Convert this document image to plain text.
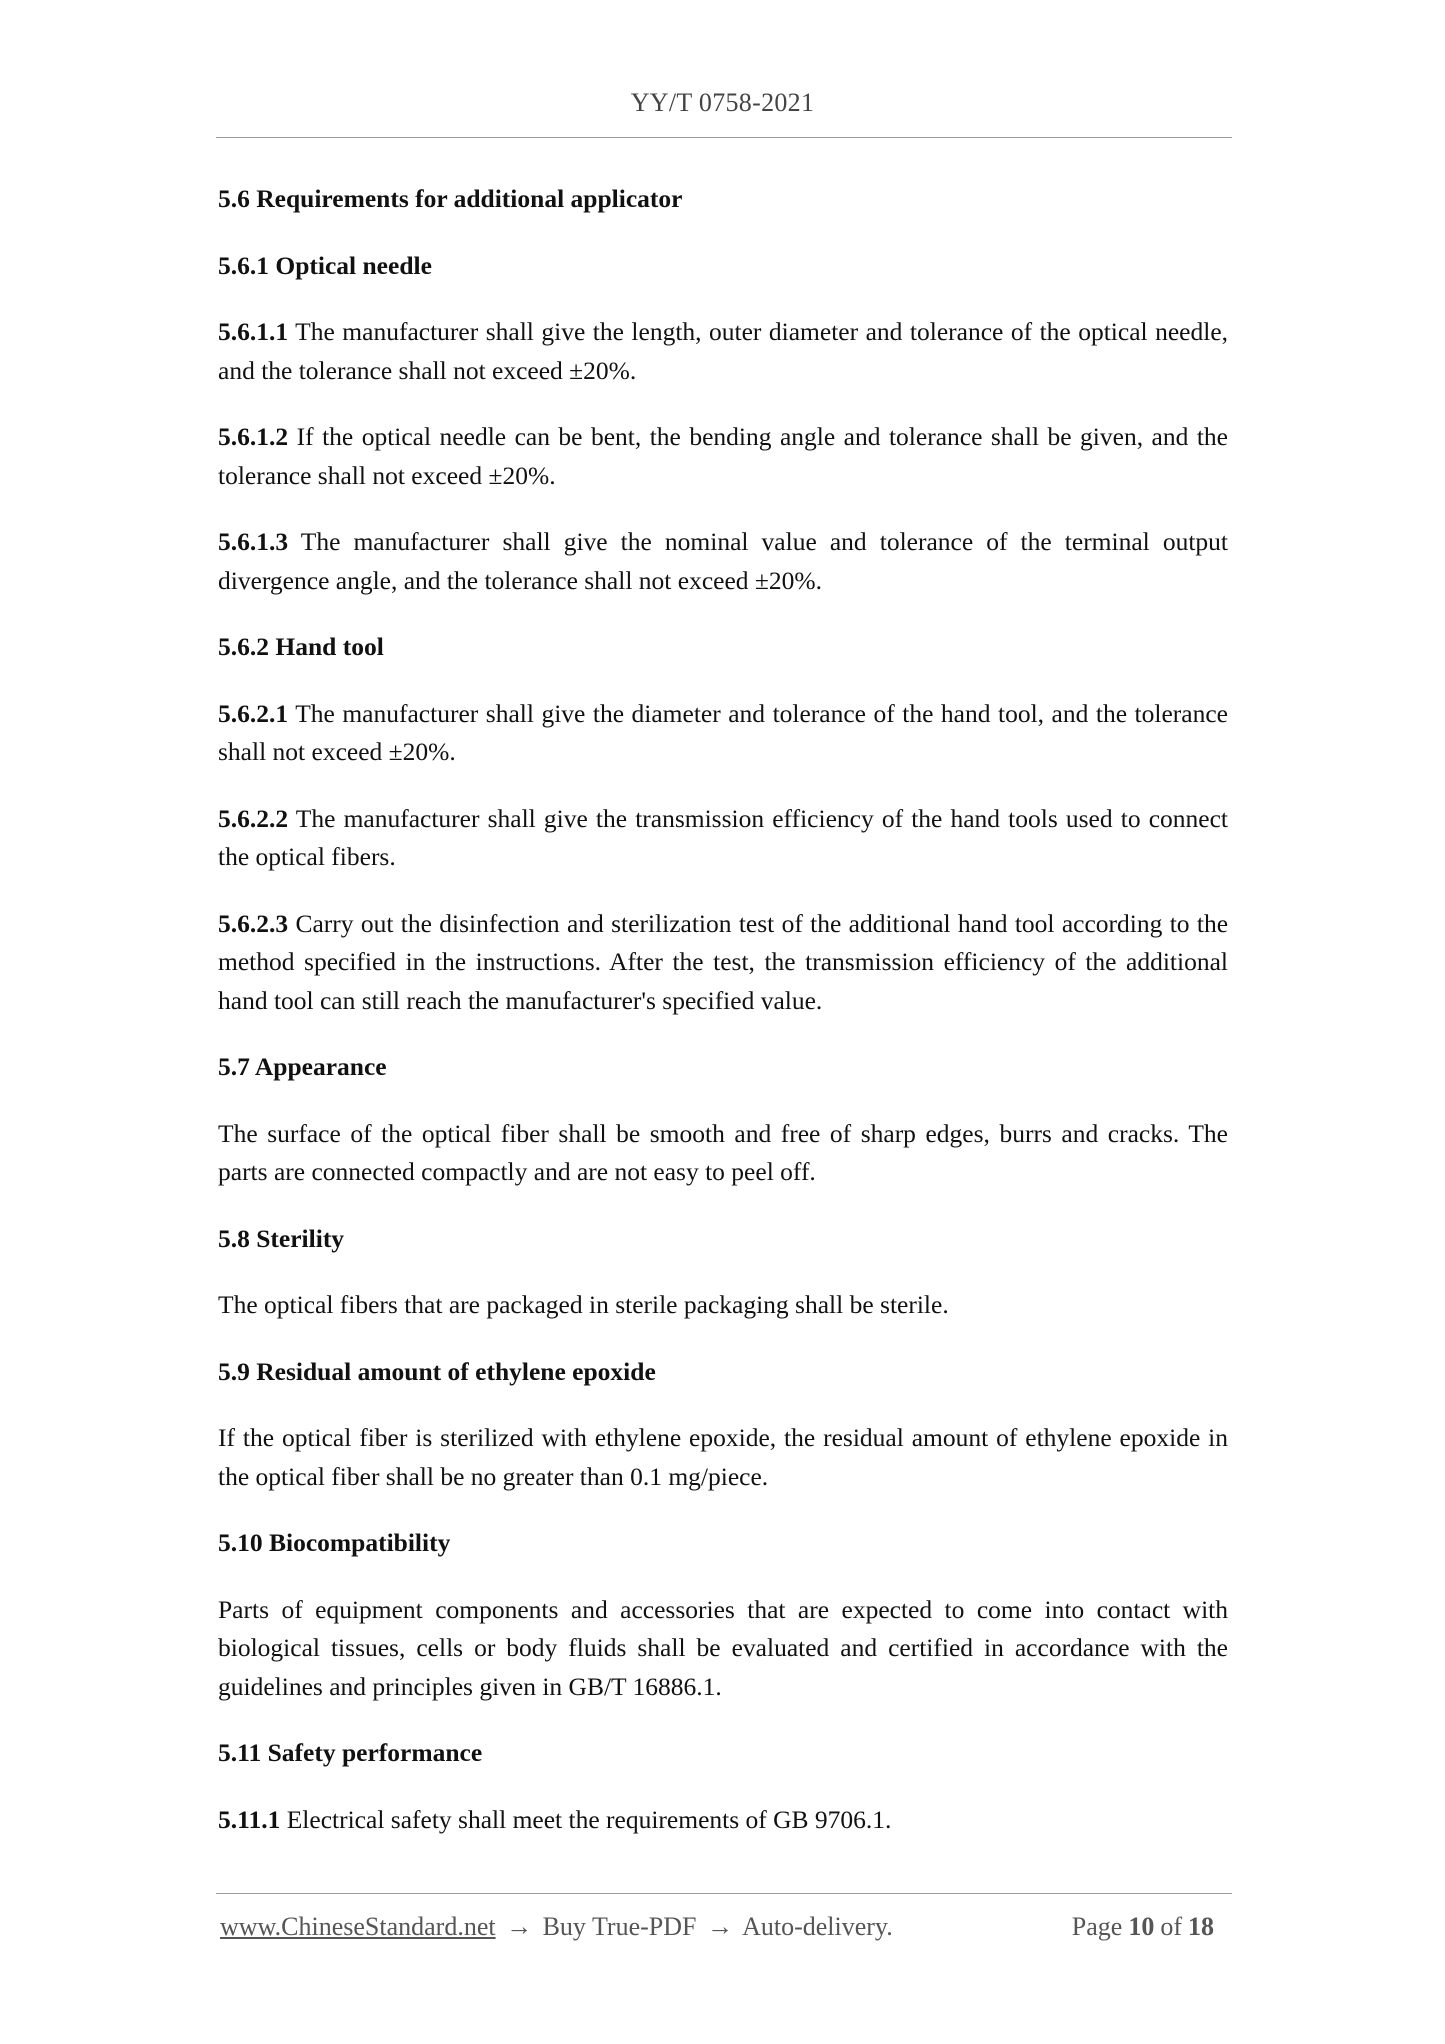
YY/T 0758-2021

5.6 Requirements for additional applicator

5.6.1 Optical needle

5.6.1.1 The manufacturer shall give the length, outer diameter and tolerance of the optical needle, and the tolerance shall not exceed ±20%.

5.6.1.2 If the optical needle can be bent, the bending angle and tolerance shall be given, and the tolerance shall not exceed ±20%.

5.6.1.3 The manufacturer shall give the nominal value and tolerance of the terminal output divergence angle, and the tolerance shall not exceed ±20%.

5.6.2 Hand tool

5.6.2.1 The manufacturer shall give the diameter and tolerance of the hand tool, and the tolerance shall not exceed ±20%.

5.6.2.2 The manufacturer shall give the transmission efficiency of the hand tools used to connect the optical fibers.

5.6.2.3 Carry out the disinfection and sterilization test of the additional hand tool according to the method specified in the instructions. After the test, the transmission efficiency of the additional hand tool can still reach the manufacturer's specified value.

5.7 Appearance

The surface of the optical fiber shall be smooth and free of sharp edges, burrs and cracks. The parts are connected compactly and are not easy to peel off.

5.8 Sterility

The optical fibers that are packaged in sterile packaging shall be sterile.

5.9 Residual amount of ethylene epoxide

If the optical fiber is sterilized with ethylene epoxide, the residual amount of ethylene epoxide in the optical fiber shall be no greater than 0.1 mg/piece.

5.10 Biocompatibility

Parts of equipment components and accessories that are expected to come into contact with biological tissues, cells or body fluids shall be evaluated and certified in accordance with the guidelines and principles given in GB/T 16886.1.

5.11 Safety performance

5.11.1 Electrical safety shall meet the requirements of GB 9706.1.

www.ChineseStandard.net → Buy True-PDF → Auto-delivery.	Page 10 of 18
